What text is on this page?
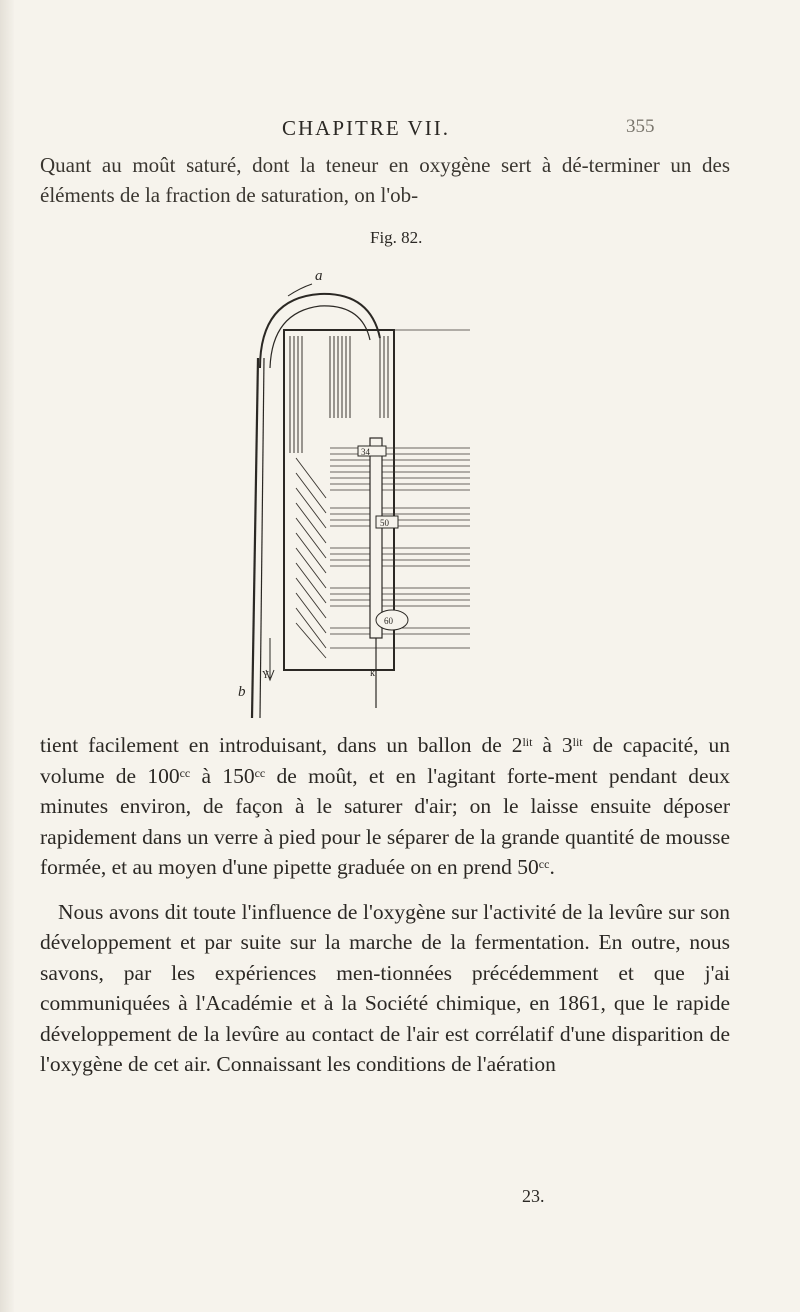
CHAPITRE VII.	355

Quant au moût saturé, dont la teneur en oxygène sert à dé-terminer un des éléments de la fraction de saturation, on l'ob-

Fig. 82.
a
b
34
50
60
k
Y

tient facilement en introduisant, dans un ballon de $2^{lit}$ à $3^{lit}$ de capacité, un volume de $100^{cc}$ à $150^{cc}$ de moût, et en l'agitant forte-ment pendant deux minutes environ, de façon à le saturer d'air; on le laisse ensuite déposer rapidement dans un verre à pied pour le séparer de la grande quantité de mousse formée, et au moyen d'une pipette graduée on en prend $50^{cc}$.

Nous avons dit toute l'influence de l'oxygène sur l'activité de la levûre sur son développement et par suite sur la marche de la fermentation. En outre, nous savons, par les expériences men-tionnées précédemment et que j'ai communiquées à l'Académie et à la Société chimique, en 1861, que le rapide développement de la levûre au contact de l'air est corrélatif d'une disparition de l'oxygène de cet air. Connaissant les conditions de l'aération

23.
